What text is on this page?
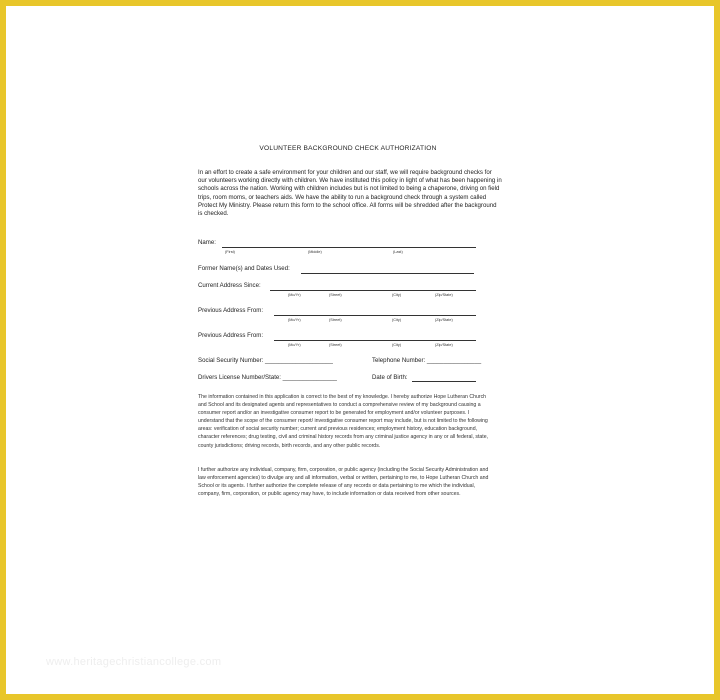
VOLUNTEER BACKGROUND CHECK AUTHORIZATION
In an effort to create a safe environment for your children and our staff, we will require background checks for
our volunteers working directly with children. We have instituted this policy in light of what has been happening in
schools across the nation. Working with children includes but is not limited to being a chaperone, driving on field
trips, room moms, or teachers aids. We have the ability to run a background check through a system called
Protect My Ministry. Please return this form to the school office. All forms will be shredded after the background
is checked.
Name:
(First)	(Middle)	(Last)
Former Name(s) and Dates Used:
Current Address Since:
(Mo/Yr)	(Street)	(City)	(Zip/State)
Previous Address From:
(Mo/Yr)	(Street)	(City)	(Zip/State)
Previous Address From:
(Mo/Yr)	(Street)	(City)	(Zip/State)
Social Security Number: ____________________	Telephone Number: ________________
Drivers License Number/State: ________________	Date of Birth:
The information contained in this application is correct to the best of my knowledge. I hereby authorize Hope Lutheran Church
and School and its designated agents and representatives to conduct a comprehensive review of my background causing a
consumer report and/or an investigative consumer report to be generated for employment and/or volunteer purposes. I
understand that the scope of the consumer report/ investigative consumer report may include, but is not limited to the following
areas: verification of social security number; current and previous residences; employment history, education background,
character references; drug testing, civil and criminal history records from any criminal justice agency in any or all federal, state,
county jurisdictions; driving records, birth records, and any other public records.
I further authorize any individual, company, firm, corporation, or public agency (including the Social Security Administration and
law enforcement agencies) to divulge any and all information, verbal or written, pertaining to me, to Hope Lutheran Church and
School or its agents. I further authorize the complete release of any records or data pertaining to me which the individual,
company, firm, corporation, or public agency may have, to include information or data received from other sources.
www.heritagechristiancollege.com
